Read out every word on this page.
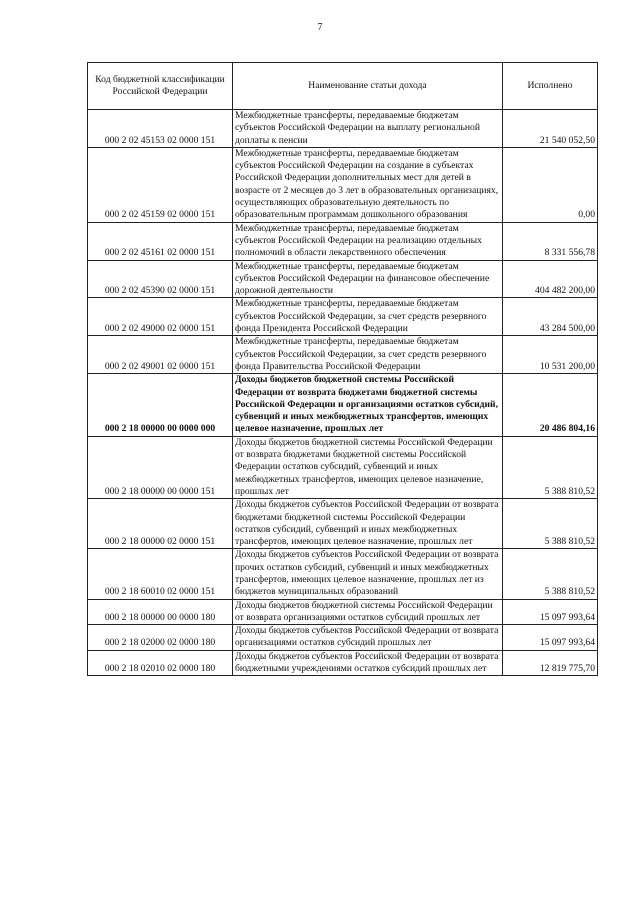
7
Код бюджетной классификации Российской Федерации	Наименование статьи дохода	Исполнено
000 2 02 45153 02 0000 151	Межбюджетные трансферты, передаваемые бюджетам субъектов Российской Федерации на выплату региональной доплаты к пенсии	21 540 052,50
000 2 02 45159 02 0000 151	Межбюджетные трансферты, передаваемые бюджетам субъектов Российской Федерации на создание в субъектах Российской Федерации дополнительных мест для детей в возрасте от 2 месяцев до 3 лет в образовательных организациях, осуществляющих образовательную деятельность по образовательным программам дошкольного образования	0,00
000 2 02 45161 02 0000 151	Межбюджетные трансферты, передаваемые бюджетам субъектов Российской Федерации на реализацию отдельных полномочий в области лекарственного обеспечения	8 331 556,78
000 2 02 45390 02 0000 151	Межбюджетные трансферты, передаваемые бюджетам субъектов Российской Федерации на финансовое обеспечение дорожной деятельности	404 482 200,00
000 2 02 49000 02 0000 151	Межбюджетные трансферты, передаваемые бюджетам субъектов Российской Федерации, за счет средств резервного фонда Президента Российской Федерации	43 284 500,00
000 2 02 49001 02 0000 151	Межбюджетные трансферты, передаваемые бюджетам субъектов Российской Федерации, за счет средств резервного фонда Правительства Российской Федерации	10 531 200,00
000 2 18 00000 00 0000 000	Доходы бюджетов бюджетной системы Российской Федерации от возврата бюджетами бюджетной системы Российской Федерации и организациями остатков субсидий, субвенций и иных межбюджетных трансфертов, имеющих целевое назначение, прошлых лет	20 486 804,16
000 2 18 00000 00 0000 151	Доходы бюджетов бюджетной системы Российской Федерации от возврата бюджетами бюджетной системы Российской Федерации остатков субсидий, субвенций и иных межбюджетных трансфертов, имеющих целевое назначение, прошлых лет	5 388 810,52
000 2 18 00000 02 0000 151	Доходы бюджетов субъектов Российской Федерации от возврата бюджетами бюджетной системы Российской Федерации остатков субсидий, субвенций и иных межбюджетных трансфертов, имеющих целевое назначение, прошлых лет	5 388 810,52
000 2 18 60010 02 0000 151	Доходы бюджетов субъектов Российской Федерации от возврата прочих остатков субсидий, субвенций и иных межбюджетных трансфертов, имеющих целевое назначение, прошлых лет из бюджетов муниципальных образований	5 388 810,52
000 2 18 00000 00 0000 180	Доходы бюджетов бюджетной системы Российской Федерации от возврата организациями остатков субсидий прошлых лет	15 097 993,64
000 2 18 02000 02 0000 180	Доходы бюджетов субъектов Российской Федерации от возврата организациями остатков субсидий прошлых лет	15 097 993,64
000 2 18 02010 02 0000 180	Доходы бюджетов субъектов Российской Федерации от возврата бюджетными учреждениями остатков субсидий прошлых лет	12 819 775,70
